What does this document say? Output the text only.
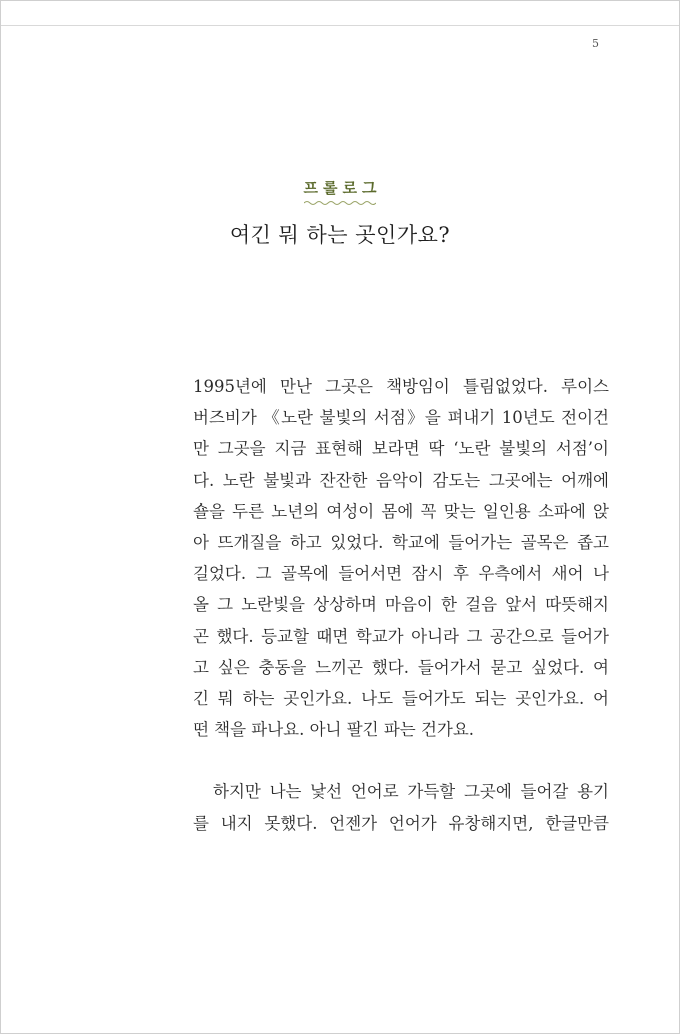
5
프롤로그
여긴 뭐 하는 곳인가요?
1995년에 만난 그곳은 책방임이 틀림없었다. 루이스
버즈비가 《노란 불빛의 서점》을 펴내기 10년도 전이건
만 그곳을 지금 표현해 보라면 딱 ‘노란 불빛의 서점’이
다. 노란 불빛과 잔잔한 음악이 감도는 그곳에는 어깨에
숄을 두른 노년의 여성이 몸에 꼭 맞는 일인용 소파에 앉
아 뜨개질을 하고 있었다. 학교에 들어가는 골목은 좁고
길었다. 그 골목에 들어서면 잠시 후 우측에서 새어 나
올 그 노란빛을 상상하며 마음이 한 걸음 앞서 따뜻해지
곤 했다. 등교할 때면 학교가 아니라 그 공간으로 들어가
고 싶은 충동을 느끼곤 했다. 들어가서 묻고 싶었다. 여
긴 뭐 하는 곳인가요. 나도 들어가도 되는 곳인가요. 어
떤 책을 파나요. 아니 팔긴 파는 건가요.
　하지만 나는 낯선 언어로 가득할 그곳에 들어갈 용기
를 내지 못했다. 언젠가 언어가 유창해지면, 한글만큼
